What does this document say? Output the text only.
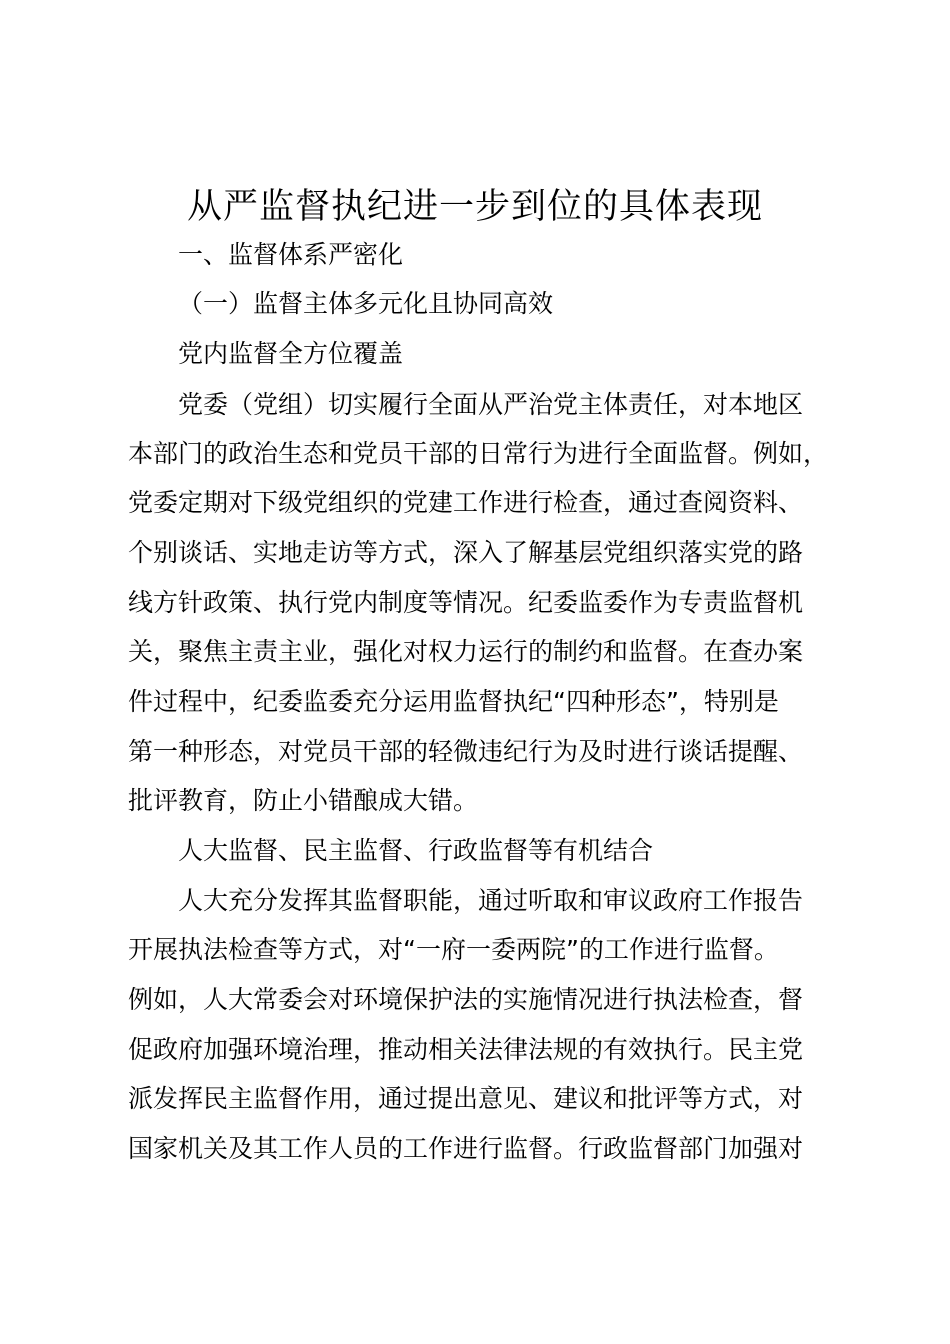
从严监督执纪进一步到位的具体表现
一、监督体系严密化
（一）监督主体多元化且协同高效
党内监督全方位覆盖
党委（党组）切实履行全面从严治党主体责任，对本地区
本部门的政治生态和党员干部的日常行为进行全面监督。例如，
党委定期对下级党组织的党建工作进行检查，通过查阅资料、
个别谈话、实地走访等方式，深入了解基层党组织落实党的路
线方针政策、执行党内制度等情况。纪委监委作为专责监督机
关，聚焦主责主业，强化对权力运行的制约和监督。在查办案
件过程中，纪委监委充分运用监督执纪“四种形态”，特别是
第一种形态，对党员干部的轻微违纪行为及时进行谈话提醒、
批评教育，防止小错酿成大错。
人大监督、民主监督、行政监督等有机结合
人大充分发挥其监督职能，通过听取和审议政府工作报告
开展执法检查等方式，对“一府一委两院”的工作进行监督。
例如，人大常委会对环境保护法的实施情况进行执法检查，督
促政府加强环境治理，推动相关法律法规的有效执行。民主党
派发挥民主监督作用，通过提出意见、建议和批评等方式，对
国家机关及其工作人员的工作进行监督。行政监督部门加强对
